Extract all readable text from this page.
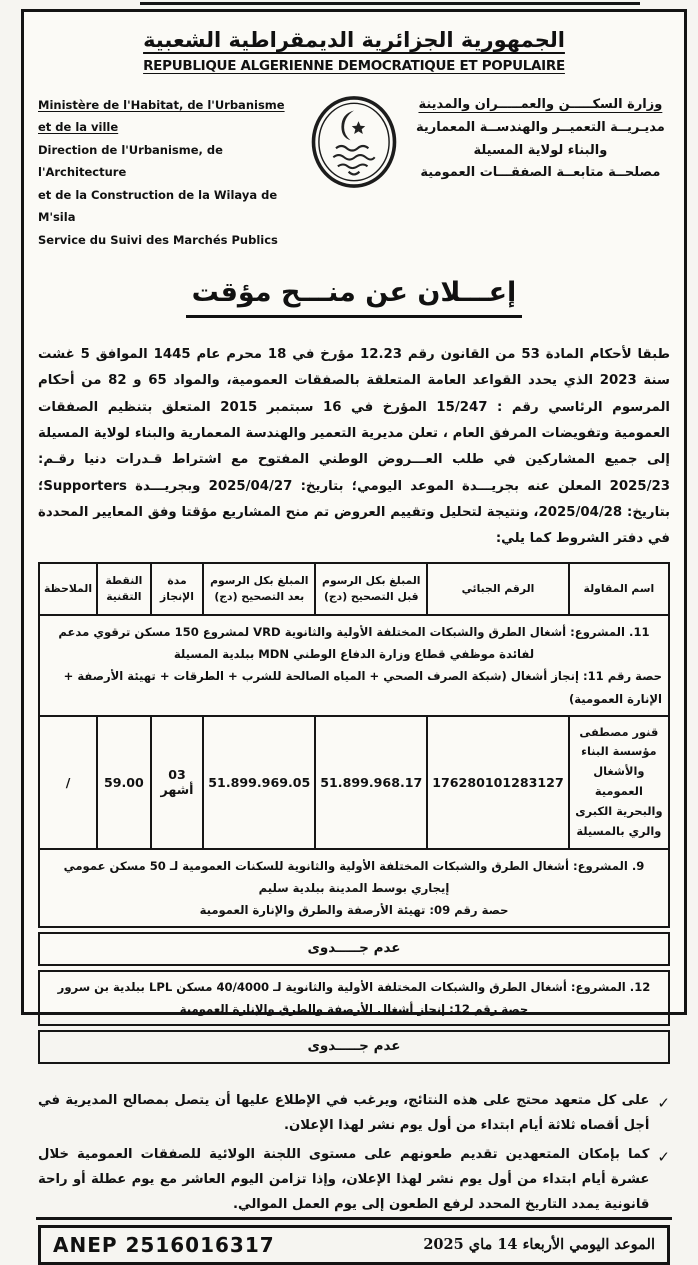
الجمهورية الجزائرية الديمقراطية الشعبية
REPUBLIQUE ALGERIENNE DEMOCRATIQUE ET POPULAIRE
Ministère de l'Habitat, de l'Urbanisme et de la ville
Direction de l'Urbanisme, de l'Architecture
et de la Construction de la Wilaya de M'sila
Service du Suivi des Marchés Publics
وزارة السكـــــن والعمـــــران والمدينة
مديـريــة التعميــر والهندســة المعمارية
والبناء لولاية المسيلة
مصلحــة متابعــة الصفقـــات العمومية
إعـــلان عن منـــح مؤقت
طبقا لأحكام المادة 53 من القانون رقم 12.23 مؤرخ في 18 محرم عام 1445 الموافق 5 غشت سنة 2023 الذي يحدد القواعد العامة المتعلقة بالصفقات العمومية، والمواد 65 و 82 من أحكام المرسوم الرئاسي رقم : 15/247 المؤرخ في 16 سبتمبر 2015 المتعلق بتنظيم الصفقات العمومية وتفويضات المرفق العام ، تعلن مديرية التعمير والهندسة المعمارية والبناء لولاية المسيلة إلى جميع المشاركين في طلب العـــروض الوطني المفتوح مع اشتراط قـدرات دنيا رقـم: 2025/23 المعلن عنه بجريـــدة الموعد اليومي؛ بتاريخ: 2025/04/27 وبجريـــدة Supporters؛ بتاريخ: 2025/04/28، ونتيجة لتحليل وتقييم العروض تم منح المشاريع مؤقتا وفق المعايير المحددة في دفتر الشروط كما يلي:
اسم المقاولة	الرقم الجبائي	المبلغ بكل الرسوم قبل التصحيح (دج)	المبلغ بكل الرسوم بعد التصحيح (دج)	مدة الإنجاز	النقطة التقنية	الملاحظة

11. المشروع: أشغال الطرق والشبكات المختلفة الأولية والثانوية VRD لمشروع 150 مسكن ترقوي مدعم لفائدة موظفي قطاع وزارة الدفاع الوطني MDN ببلدية المسيلة
حصة رقم 11: إنجاز أشغال (شبكة الصرف الصحي + المياه الصالحة للشرب + الطرقات + تهيئة الأرصفة + الإنارة العمومية)						

قنور مصطفى مؤسسة البناء والأشغال العمومية والبحرية الكبرى والري بالمسيلة	176280101283127	51.899.968.17	51.899.969.05	03 أشهر	59.00	/

9. المشروع: أشغال الطرق والشبكات المختلفة الأولية والثانوية للسكنات العمومية لـ 50 مسكن عمومي إيجاري بوسط المدينة ببلدية سليم
حصة رقم 09: تهيئة الأرصفة والطرق والإنارة العمومية						
عدم جـــــدوى
12. المشروع: أشغال الطرق والشبكات المختلفة الأولية والثانوية لـ 40/4000 مسكن LPL ببلدية بن سرور
حصة رقم 12: إنجاز أشغال الأرصفة والطرق والإنارة العمومية
عدم جـــــدوى
✓
على كل متعهد محتج على هذه النتائج، ويرغب في الإطلاع عليها أن يتصل بمصالح المديرية في أجل أقصاه ثلاثة أيام ابتداء من أول يوم نشر لهذا الإعلان.
✓
كما بإمكان المتعهدين تقديم طعونهم على مستوى اللجنة الولائية للصفقات العمومية خلال عشرة أيام ابتداء من أول يوم نشر لهذا الإعلان، وإذا تزامن اليوم العاشر مع يوم عطلة أو راحة قانونية يمدد التاريخ المحدد لرفع الطعون إلى يوم العمل الموالي.
ANEP 2516016317	الموعد اليومي الأربعاء 14 ماي 2025
